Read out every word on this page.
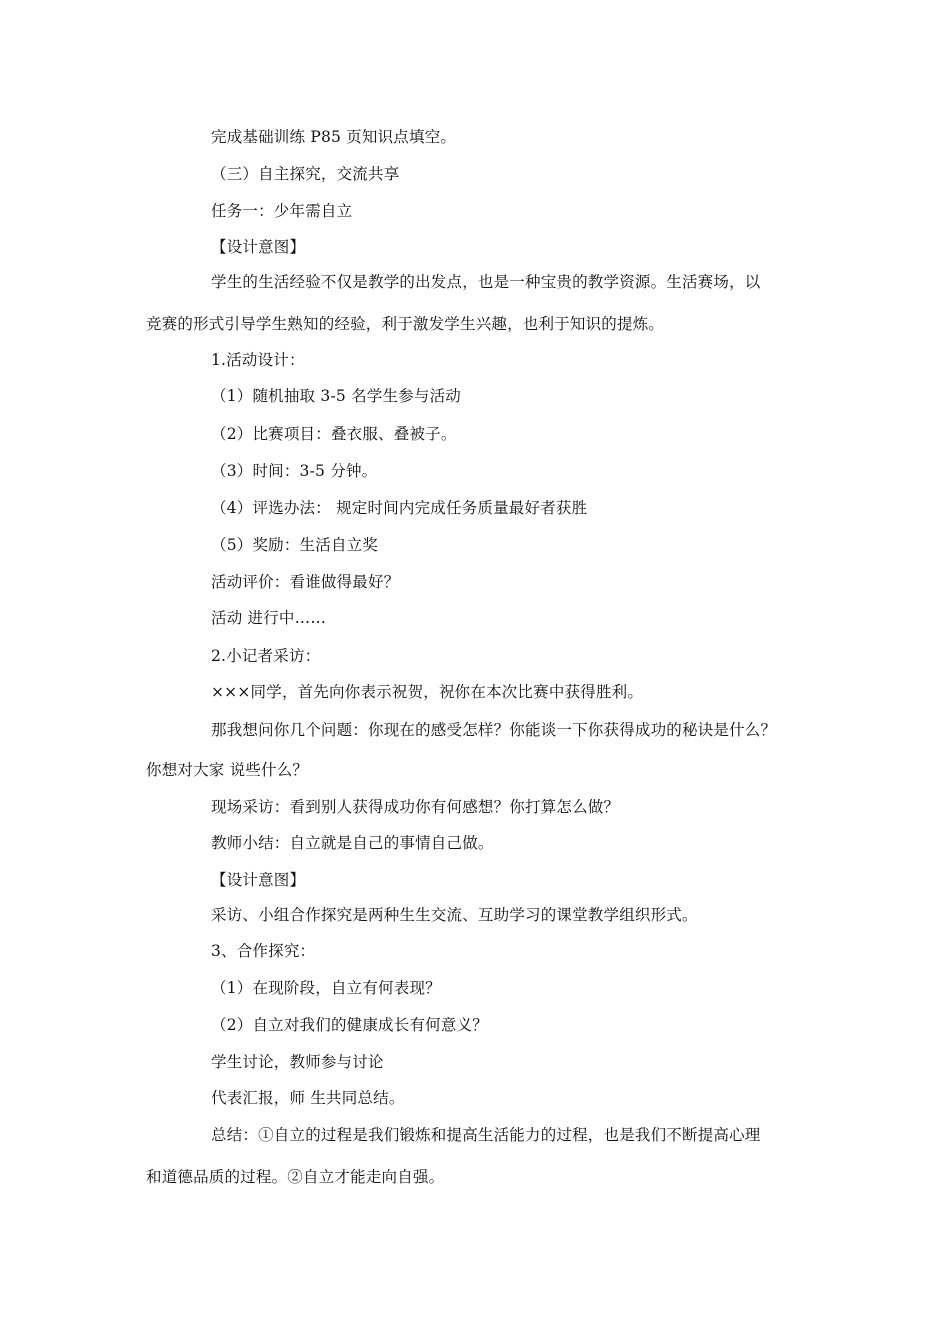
完成基础训练 P85 页知识点填空。
（三）自主探究，交流共享
任务一：少年需自立
【设计意图】
学生的生活经验不仅是教学的出发点，也是一种宝贵的教学资源。生活赛场，以
竞赛的形式引导学生熟知的经验，利于激发学生兴趣，也利于知识的提炼。
1.活动设计：
（1）随机抽取 3-5 名学生参与活动
（2）比赛项目：叠衣服、叠被子。
（3）时间：3-5 分钟。
（4）评选办法： 规定时间内完成任务质量最好者获胜
（5）奖励：生活自立奖
活动评价：看谁做得最好？
活动 进行中……
2.小记者采访：
×××同学，首先向你表示祝贺，祝你在本次比赛中获得胜利。
那我想问你几个问题：你现在的感受怎样？你能谈一下你获得成功的秘诀是什么？
你想对大家 说些什么？
现场采访：看到别人获得成功你有何感想？你打算怎么做？
教师小结：自立就是自己的事情自己做。
【设计意图】
采访、小组合作探究是两种生生交流、互助学习的课堂教学组织形式。
3、合作探究：
（1）在现阶段，自立有何表现？
（2）自立对我们的健康成长有何意义？
学生讨论，教师参与讨论
代表汇报，师 生共同总结。
总结：①自立的过程是我们锻炼和提高生活能力的过程，也是我们不断提高心理
和道德品质的过程。②自立才能走向自强。
